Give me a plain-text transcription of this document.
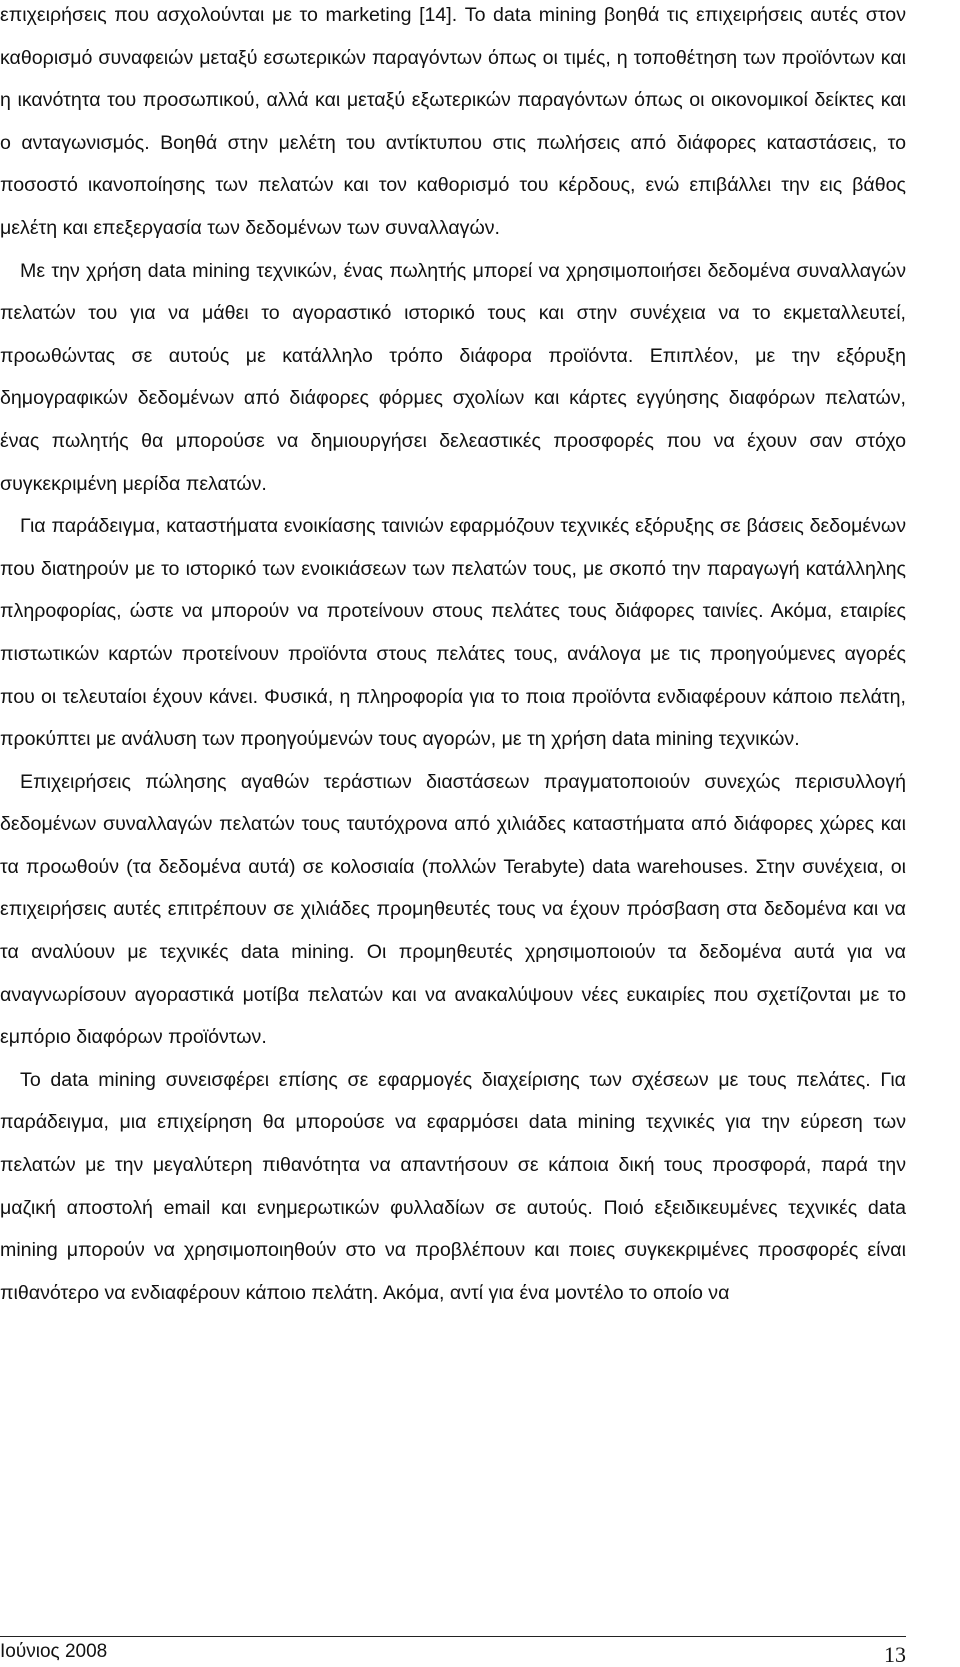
επιχειρήσεις που ασχολούνται με το marketing [14]. Το data mining βοηθά τις επιχειρήσεις αυτές στον καθορισμό συναφειών μεταξύ εσωτερικών παραγόντων όπως οι τιμές, η τοποθέτηση των προϊόντων και η ικανότητα του προσωπικού, αλλά και μεταξύ εξωτερικών παραγόντων όπως οι οικονομικοί δείκτες και ο ανταγωνισμός. Βοηθά στην μελέτη του αντίκτυπου στις πωλήσεις από διάφορες καταστάσεις, το ποσοστό ικανοποίησης των πελατών και τον καθορισμό του κέρδους, ενώ επιβάλλει την εις βάθος μελέτη και επεξεργασία των δεδομένων των συναλλαγών.

Με την χρήση data mining τεχνικών, ένας πωλητής μπορεί να χρησιμοποιήσει δεδομένα συναλλαγών πελατών του για να μάθει το αγοραστικό ιστορικό τους και στην συνέχεια να το εκμεταλλευτεί, προωθώντας σε αυτούς με κατάλληλο τρόπο διάφορα προϊόντα. Επιπλέον, με την εξόρυξη δημογραφικών δεδομένων από διάφορες φόρμες σχολίων και κάρτες εγγύησης διαφόρων πελατών, ένας πωλητής θα μπορούσε να δημιουργήσει δελεαστικές προσφορές που να έχουν σαν στόχο συγκεκριμένη μερίδα πελατών.

Για παράδειγμα, καταστήματα ενοικίασης ταινιών εφαρμόζουν τεχνικές εξόρυξης σε βάσεις δεδομένων που διατηρούν με το ιστορικό των ενοικιάσεων των πελατών τους, με σκοπό την παραγωγή κατάλληλης πληροφορίας, ώστε να μπορούν να προτείνουν στους πελάτες τους διάφορες ταινίες. Ακόμα, εταιρίες πιστωτικών καρτών προτείνουν προϊόντα στους πελάτες τους, ανάλογα με τις προηγούμενες αγορές που οι τελευταίοι έχουν κάνει. Φυσικά, η πληροφορία για το ποια προϊόντα ενδιαφέρουν κάποιο πελάτη, προκύπτει με ανάλυση των προηγούμενών τους αγορών, με τη χρήση data mining τεχνικών.

Επιχειρήσεις πώλησης αγαθών τεράστιων διαστάσεων πραγματοποιούν συνεχώς περισυλλογή δεδομένων συναλλαγών πελατών τους ταυτόχρονα από χιλιάδες καταστήματα από διάφορες χώρες και τα προωθούν (τα δεδομένα αυτά) σε κολοσιαία (πολλών Terabyte) data warehouses. Στην συνέχεια, οι επιχειρήσεις αυτές επιτρέπουν σε χιλιάδες προμηθευτές τους να έχουν πρόσβαση στα δεδομένα και να τα αναλύουν με τεχνικές data mining. Οι προμηθευτές χρησιμοποιούν τα δεδομένα αυτά για να αναγνωρίσουν αγοραστικά μοτίβα πελατών και να ανακαλύψουν νέες ευκαιρίες που σχετίζονται με το εμπόριο διαφόρων προϊόντων.

Το data mining συνεισφέρει επίσης σε εφαρμογές διαχείρισης των σχέσεων με τους πελάτες. Για παράδειγμα, μια επιχείρηση θα μπορούσε να εφαρμόσει data mining τεχνικές για την εύρεση των πελατών με την μεγαλύτερη πιθανότητα να απαντήσουν σε κάποια δική τους προσφορά, παρά την μαζική αποστολή email και ενημερωτικών φυλλαδίων σε αυτούς. Ποιό εξειδικευμένες τεχνικές data mining μπορούν να χρησιμοποιηθούν στο να προβλέπουν και ποιες συγκεκριμένες προσφορές είναι πιθανότερο να ενδιαφέρουν κάποιο πελάτη. Ακόμα, αντί για ένα μοντέλο το οποίο να

Ιούνιος 2008	13
